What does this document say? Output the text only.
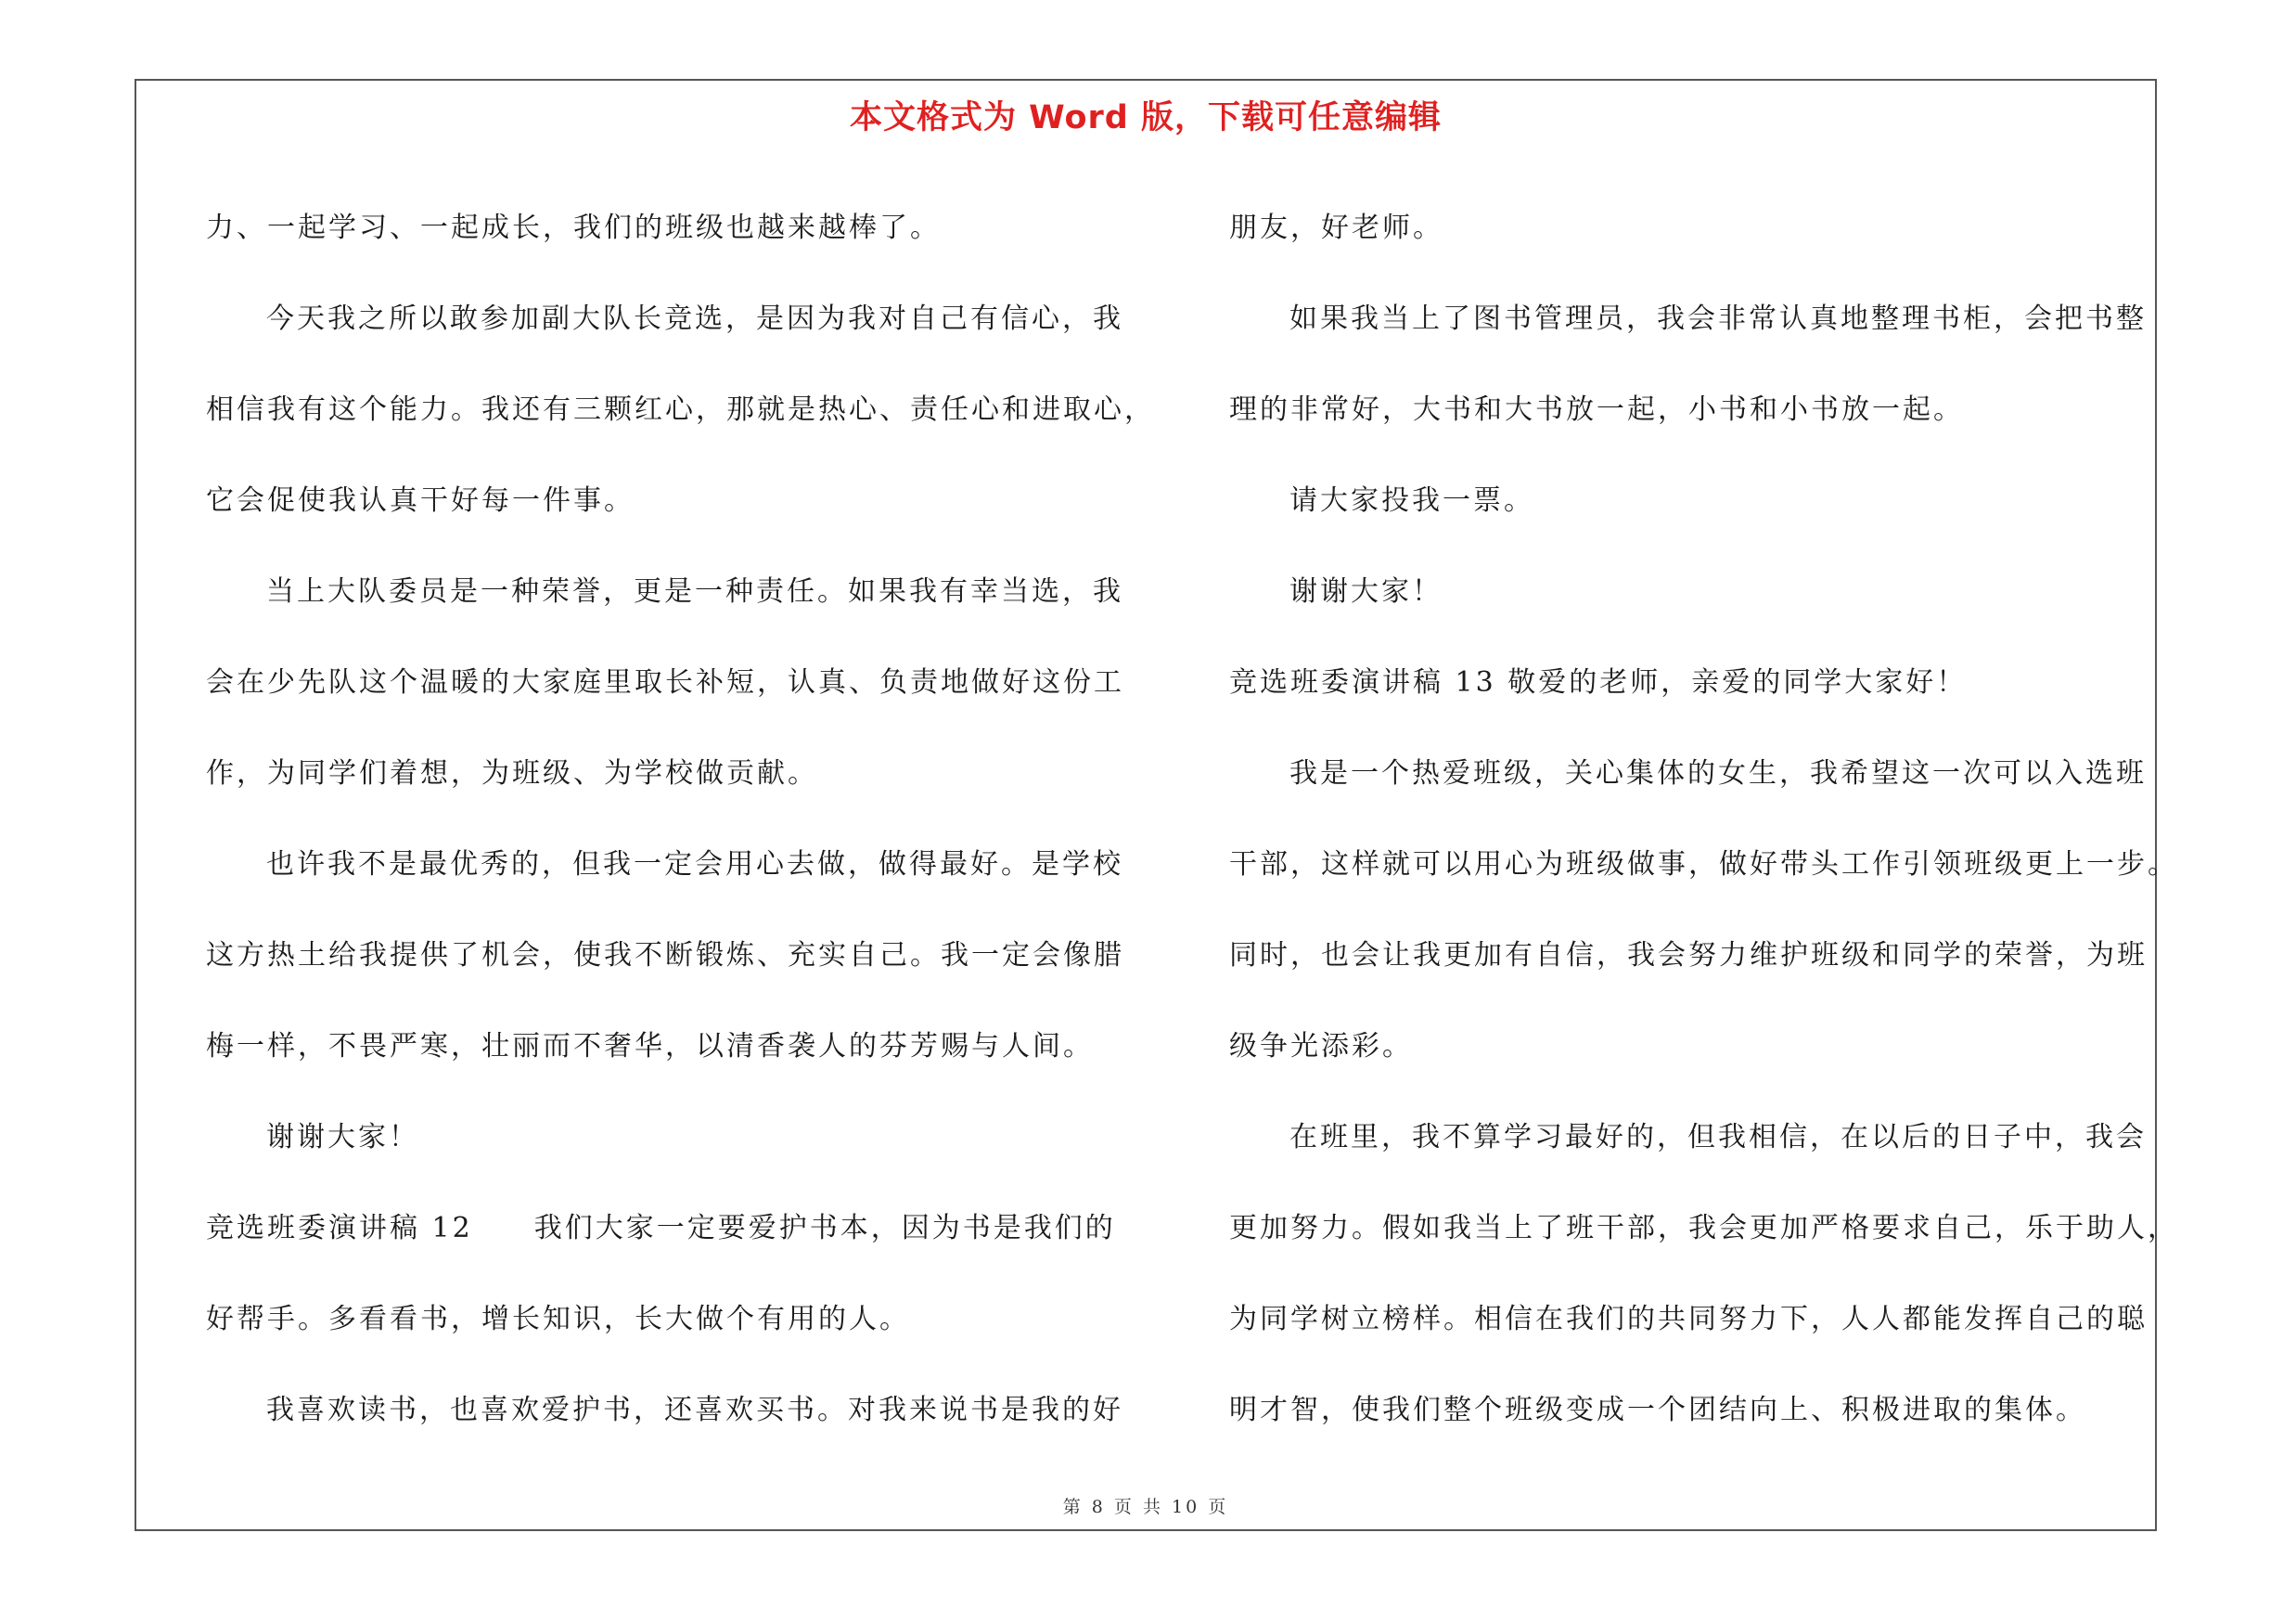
本文格式为 Word 版，下载可任意编辑

力、一起学习、一起成长，我们的班级也越来越棒了。

今天我之所以敢参加副大队长竞选，是因为我对自己有信心，我

相信我有这个能力。我还有三颗红心，那就是热心、责任心和进取心，

它会促使我认真干好每一件事。

当上大队委员是一种荣誉，更是一种责任。如果我有幸当选，我

会在少先队这个温暖的大家庭里取长补短，认真、负责地做好这份工

作，为同学们着想，为班级、为学校做贡献。

也许我不是最优秀的，但我一定会用心去做，做得最好。是学校

这方热土给我提供了机会，使我不断锻炼、充实自己。我一定会像腊

梅一样，不畏严寒，壮丽而不奢华，以清香袭人的芬芳赐与人间。

谢谢大家！

竞选班委演讲稿 12　　我们大家一定要爱护书本，因为书是我们的

好帮手。多看看书，增长知识，长大做个有用的人。

我喜欢读书，也喜欢爱护书，还喜欢买书。对我来说书是我的好

朋友，好老师。

如果我当上了图书管理员，我会非常认真地整理书柜，会把书整

理的非常好，大书和大书放一起，小书和小书放一起。

请大家投我一票。

谢谢大家！

竞选班委演讲稿 13 敬爱的老师，亲爱的同学大家好！

我是一个热爱班级，关心集体的女生，我希望这一次可以入选班

干部，这样就可以用心为班级做事，做好带头工作引领班级更上一步。

同时，也会让我更加有自信，我会努力维护班级和同学的荣誉，为班

级争光添彩。

在班里，我不算学习最好的，但我相信，在以后的日子中，我会

更加努力。假如我当上了班干部，我会更加严格要求自己，乐于助人，

为同学树立榜样。相信在我们的共同努力下，人人都能发挥自己的聪

明才智，使我们整个班级变成一个团结向上、积极进取的集体。

第 8 页 共 10 页
